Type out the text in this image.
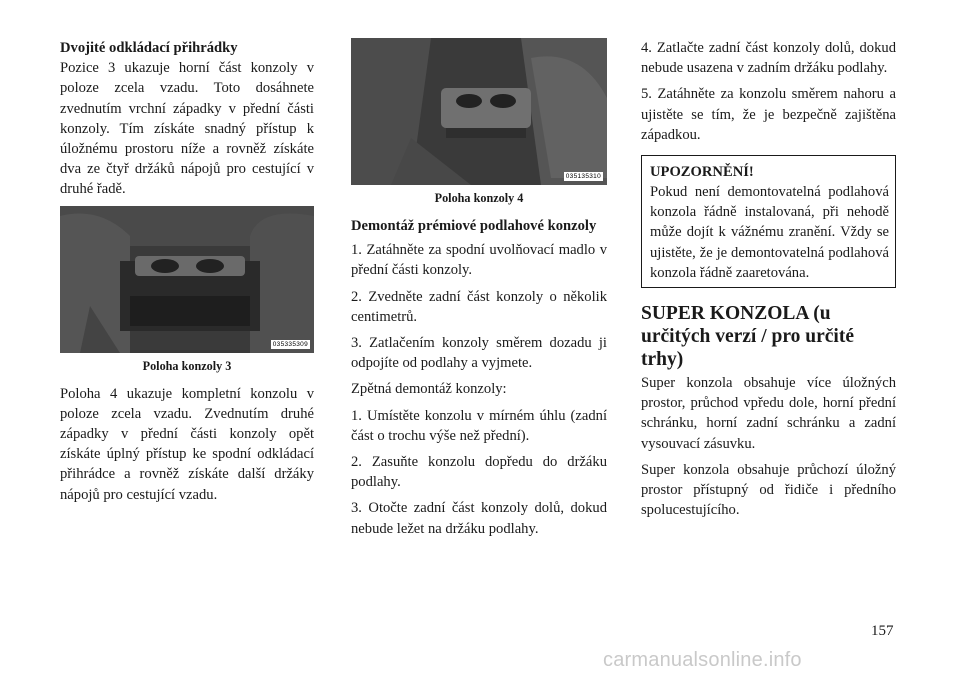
Dvojité odkládací přihrádky

Pozice 3 ukazuje horní část konzoly v poloze zcela vzadu. Toto dosáhnete zvednutím vrchní západky v přední části konzoly. Tím získáte snadný přístup k úložnému prostoru níže a rovněž získáte dva ze čtyř držáků nápojů pro cestující v druhé řadě.

035335309
Poloha konzoly 3

Poloha 4 ukazuje kompletní konzolu v poloze zcela vzadu. Zvednutím druhé západky v přední části konzoly opět získáte úplný přístup ke spodní odkládací přihrádce a rovněž získáte další držáky nápojů pro cestující vzadu.

035135310
Poloha konzoly 4

Demontáž prémiové podlahové konzoly

1. Zatáhněte za spodní uvolňovací madlo v přední části konzoly.

2. Zvedněte zadní část konzoly o několik centimetrů.

3. Zatlačením konzoly směrem dozadu ji odpojíte od podlahy a vyjmete.

Zpětná demontáž konzoly:

1. Umístěte konzolu v mírném úhlu (zadní část o trochu výše než přední).

2. Zasuňte konzolu dopředu do držáku podlahy.

3. Otočte zadní část konzoly dolů, dokud nebude ležet na držáku podlahy.

4. Zatlačte zadní část konzoly dolů, dokud nebude usazena v zadním držáku podlahy.

5. Zatáhněte za konzolu směrem nahoru a ujistěte se tím, že je bezpečně zajištěna západkou.

UPOZORNĚNÍ!

Pokud není demontovatelná podlahová konzola řádně instalovaná, při nehodě může dojít k vážnému zranění. Vždy se ujistěte, že je demontovatelná podlahová konzola řádně zaaretována.

SUPER KONZOLA (u určitých verzí / pro určité trhy)

Super konzola obsahuje více úložných prostor, průchod vpředu dole, horní přední schránku, horní zadní schránku a zadní vysouvací zásuvku.

Super konzola obsahuje průchozí úložný prostor přístupný od řidiče i předního spolucestujícího.

157
carmanualsonline.info
